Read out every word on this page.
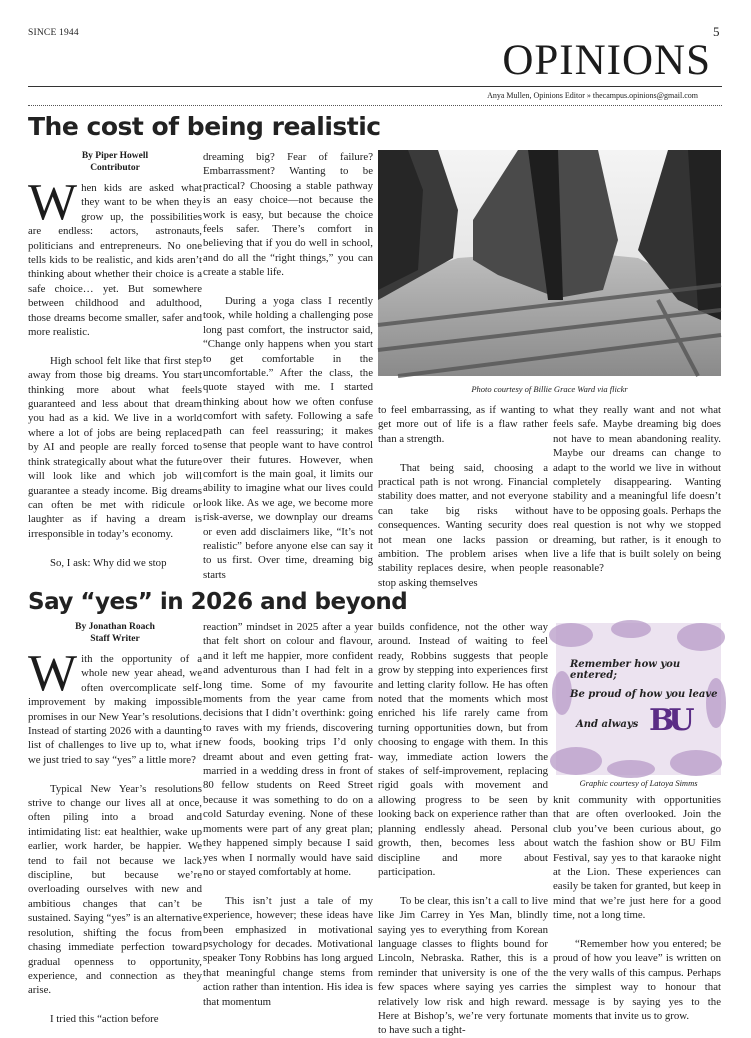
SINCE 1944	5
OPINIONS
Anya Mullen, Opinions Editor » thecampus.opinions@gmail.com
The cost of being realistic
By Piper Howell
Contributor

When kids are asked what they want to be when they grow up, the possibilities are endless: actors, astronauts, politicians and entrepreneurs. No one tells kids to be realistic, and kids aren’t thinking about whether their choice is a safe choice… yet. But somewhere between childhood and adulthood, those dreams become smaller, safer and more realistic.

High school felt like that first step away from those big dreams. You start thinking more about what feels guaranteed and less about that dream you had as a kid. We live in a world where a lot of jobs are being replaced by AI and people are really forced to think strategically about what the future will look like and which job will guarantee a steady income. Big dreams can often be met with ridicule or laughter as if having a dream is irresponsible in today’s economy.

So, I ask: Why did we stop

dreaming big? Fear of failure? Embarrassment? Wanting to be practical? Choosing a stable pathway is an easy choice—not because the work is easy, but because the choice feels safer. There’s comfort in believing that if you do well in school, and do all the “right things,” you can create a stable life.

During a yoga class I recently took, while holding a challenging pose long past comfort, the instructor said, “Change only happens when you start to get comfortable in the uncomfortable.” After the class, the quote stayed with me. I started thinking about how we often confuse comfort with safety. Following a safe path can feel reassuring; it makes sense that people want to have control over their futures. However, when comfort is the main goal, it limits our ability to imagine what our lives could look like. As we age, we become more risk-averse, we downplay our dreams or even add disclaimers like, “It’s not realistic” before anyone else can say it to us first. Over time, dreaming big starts

Photo courtesy of Billie Grace Ward via flickr

to feel embarrassing, as if wanting to get more out of life is a flaw rather than a strength.

That being said, choosing a practical path is not wrong. Financial stability does matter, and not everyone can take big risks without consequences. Wanting security does not mean one lacks passion or ambition. The problem arises when stability replaces desire, when people stop asking themselves

what they really want and not what feels safe. Maybe dreaming big does not have to mean abandoning reality. Maybe our dreams can change to adapt to the world we live in without completely disappearing. Wanting stability and a meaningful life doesn’t have to be opposing goals. Perhaps the real question is not why we stopped dreaming, but rather, is it enough to live a life that is built solely on being reasonable?

Say “yes” in 2026 and beyond
By Jonathan Roach
Staff Writer

With the opportunity of a whole new year ahead, we often overcomplicate self-improvement by making impossible promises in our New Year’s resolutions. Instead of starting 2026 with a daunting list of challenges to live up to, what if we just tried to say “yes” a little more?

Typical New Year’s resolutions strive to change our lives all at once, often piling into a broad and intimidating list: eat healthier, wake up earlier, work harder, be happier. We tend to fail not because we lack discipline, but because we’re overloading ourselves with new and ambitious changes that can’t be sustained. Saying “yes” is an alternative resolution, shifting the focus from chasing immediate perfection toward gradual openness to opportunity, experience, and connection as they arise.

I tried this “action before

reaction” mindset in 2025 after a year that felt short on colour and flavour, and it left me happier, more confident and adventurous than I had felt in a long time. Some of my favourite moments from the year came from decisions that I didn’t overthink: going to raves with my friends, discovering new foods, booking trips I’d only dreamt about and even getting frat-married in a wedding dress in front of 80 fellow students on Reed Street because it was something to do on a cold Saturday evening. None of these moments were part of any great plan; they happened simply because I said yes when I normally would have said no or stayed comfortably at home.

This isn’t just a tale of my experience, however; these ideas have been emphasized in motivational psychology for decades. Motivational speaker Tony Robbins has long argued that meaningful change stems from action rather than intention. His idea is that momentum

builds confidence, not the other way around. Instead of waiting to feel ready, Robbins suggests that people grow by stepping into experiences first and letting clarity follow. He has often noted that the moments which most enriched his life rarely came from turning opportunities down, but from choosing to engage with them. In this way, immediate action lowers the stakes of self-improvement, replacing rigid goals with movement and allowing progress to be seen by looking back on experience rather than planning endlessly ahead. Personal growth, then, becomes less about discipline and more about participation.

To be clear, this isn’t a call to live like Jim Carrey in Yes Man, blindly saying yes to everything from Korean language classes to flights bound for Lincoln, Nebraska. Rather, this is a reminder that university is one of the few spaces where saying yes carries relatively low risk and high reward. Here at Bishop’s, we’re very fortunate to have such a tight-

Remember how you entered;
Be proud of how you leave
And always BU
Graphic courtesy of Latoya Simms

knit community with opportunities that are often overlooked. Join the club you’ve been curious about, go watch the fashion show or BU Film Festival, say yes to that karaoke night at the Lion. These experiences can easily be taken for granted, but keep in mind that we’re just here for a good time, not a long time.

“Remember how you entered; be proud of how you leave” is written on the very walls of this campus. Perhaps the simplest way to honour that message is by saying yes to the moments that invite us to grow.
